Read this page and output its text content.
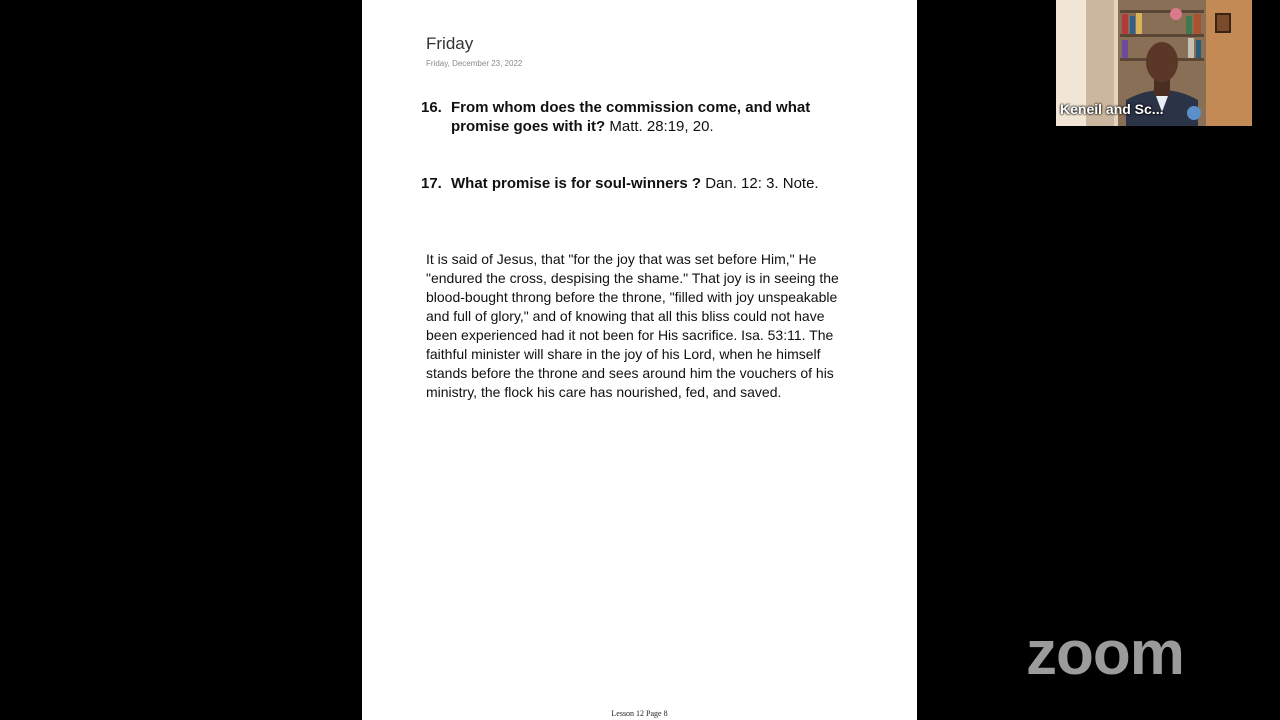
Friday
Friday, December 23, 2022
16. From whom does the commission come, and what promise goes with it? Matt. 28:19, 20.
17. What promise is for soul-winners ? Dan. 12: 3. Note.
It is said of Jesus, that "for the joy that was set before Him," He "endured the cross, despising the shame." That joy is in seeing the blood-bought throng before the throne, "filled with joy unspeakable and full of glory," and of knowing that all this bliss could not have been experienced had it not been for His sacrifice. Isa. 53:11. The faithful minister will share in the joy of his Lord, when he himself stands before the throne and sees around him the vouchers of his ministry, the flock his care has nourished, fed, and saved.
Lesson 12 Page 8
Keneil and Sc...
zoom
